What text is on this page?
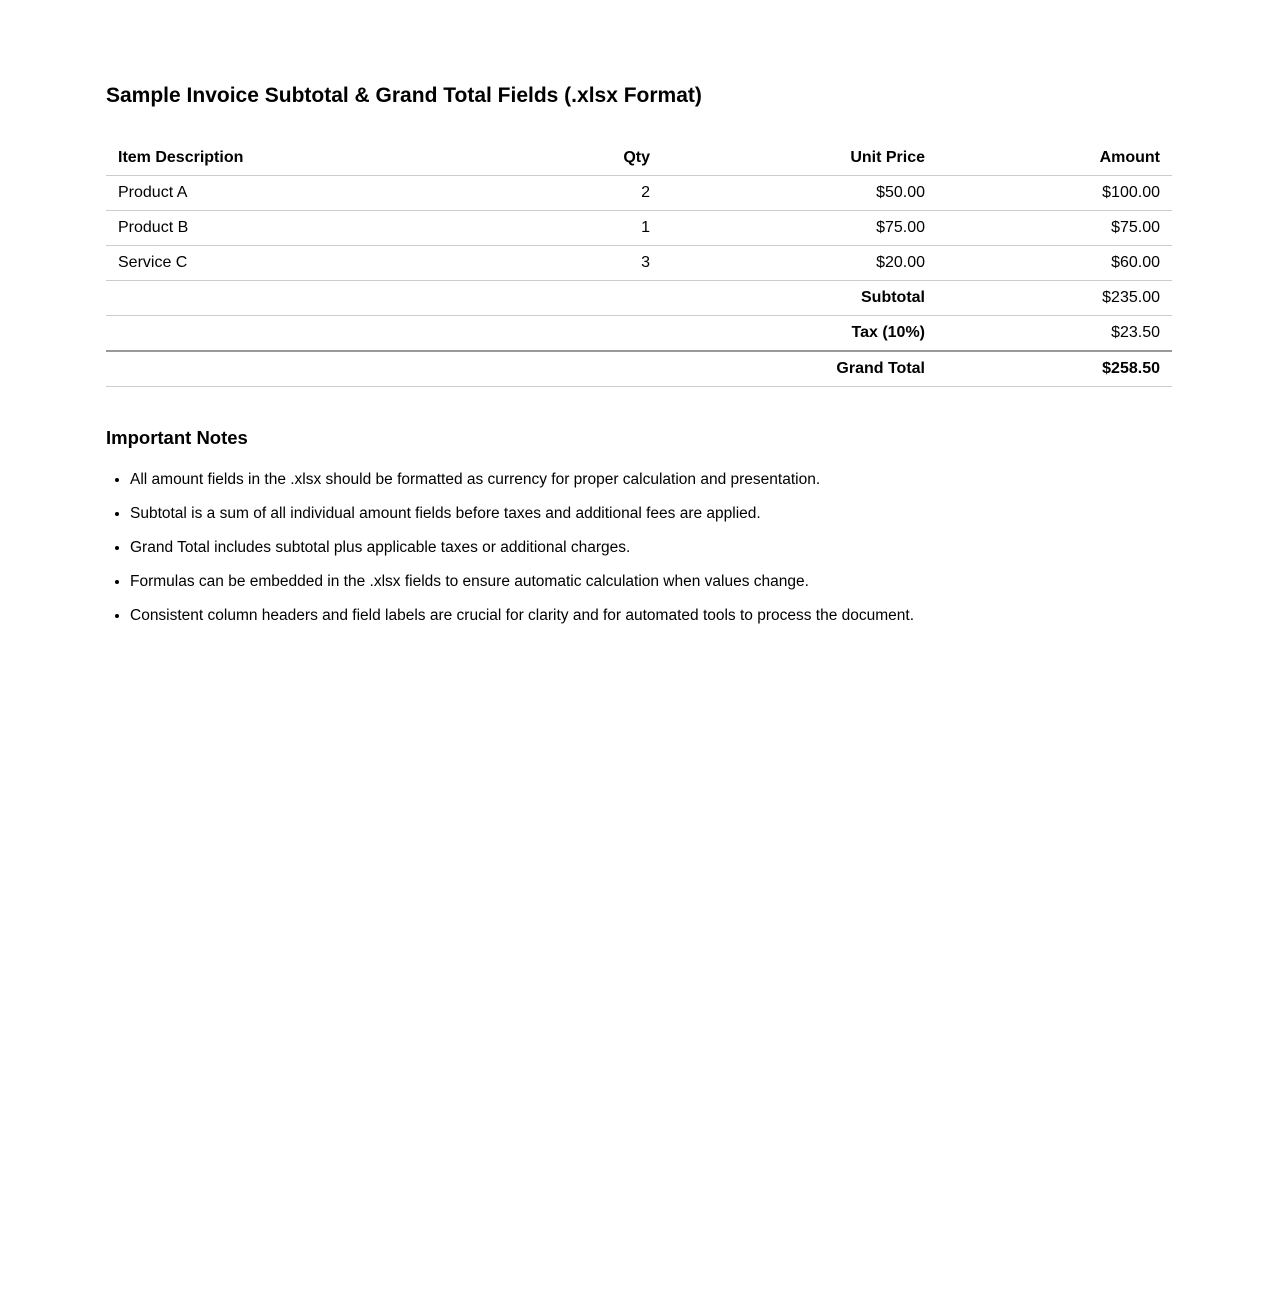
Sample Invoice Subtotal & Grand Total Fields (.xlsx Format)
Item Description	Qty	Unit Price	Amount
Product A	2	$50.00	$100.00
Product B	1	$75.00	$75.00
Service C	3	$20.00	$60.00
Subtotal			$235.00
Tax (10%)			$23.50
Grand Total			$258.50
Important Notes
• All amount fields in the .xlsx should be formatted as currency for proper calculation and presentation.
• Subtotal is a sum of all individual amount fields before taxes and additional fees are applied.
• Grand Total includes subtotal plus applicable taxes or additional charges.
• Formulas can be embedded in the .xlsx fields to ensure automatic calculation when values change.
• Consistent column headers and field labels are crucial for clarity and for automated tools to process the document.
